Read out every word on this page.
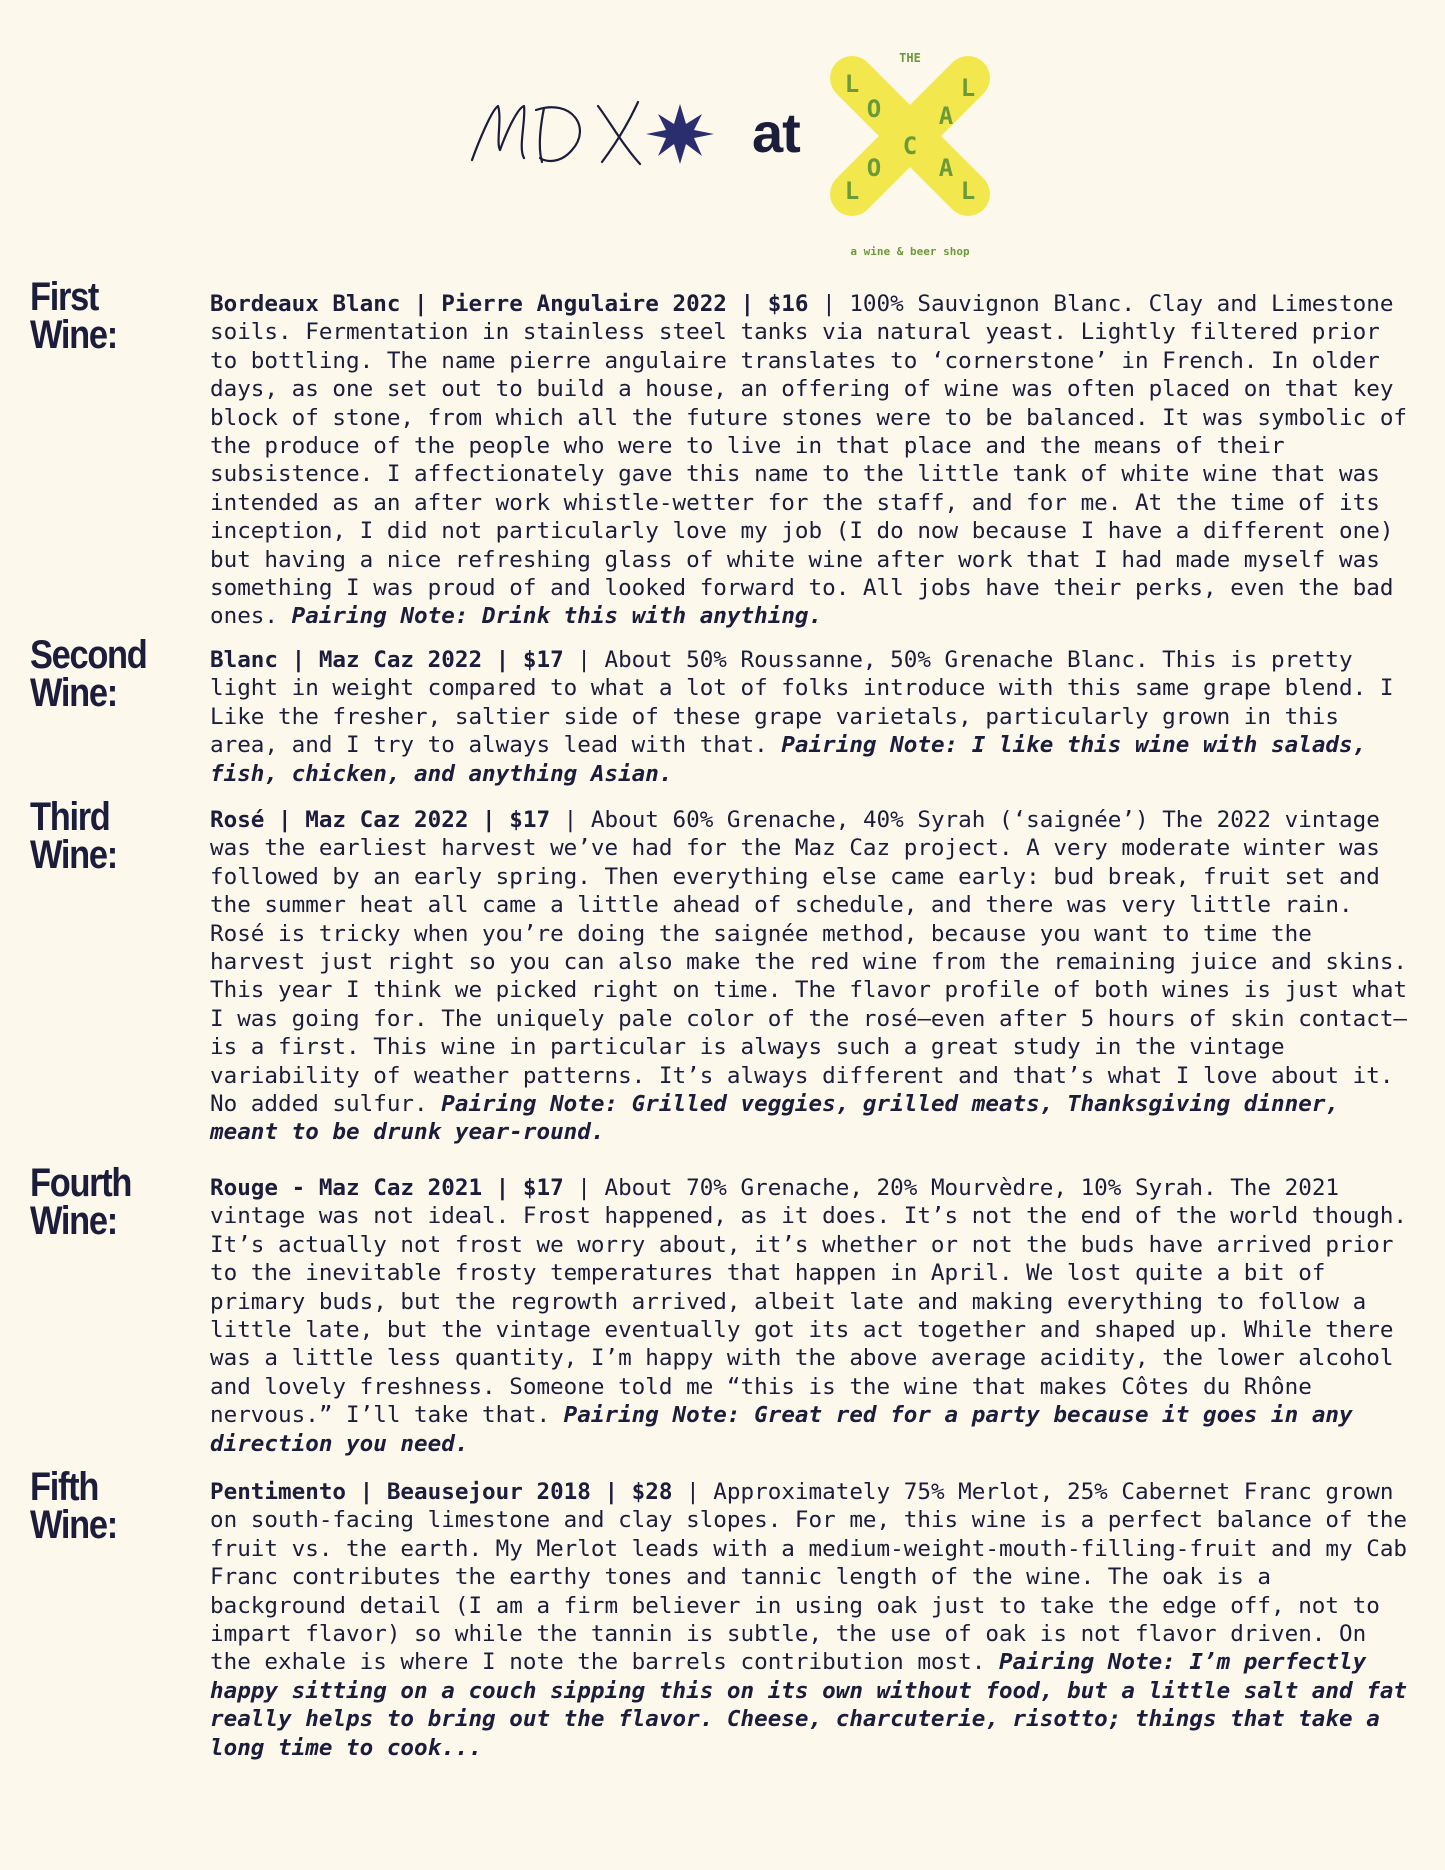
at
THE
L
O
C
A
L
L
O A
L
a wine & beer shop
First
Wine:
Bordeaux Blanc | Pierre Angulaire 2022 | $16 | 100% Sauvignon Blanc. Clay and Limestone soils. Fermentation in stainless steel tanks via natural yeast. Lightly filtered prior to bottling. The name pierre angulaire translates to ‘cornerstone’ in French. In older days, as one set out to build a house, an offering of wine was often placed on that key block of stone, from which all the future stones were to be balanced. It was symbolic of the produce of the people who were to live in that place and the means of their subsistence. I affectionately gave this name to the little tank of white wine that was intended as an after work whistle-wetter for the staff, and for me. At the time of its inception, I did not particularly love my job (I do now because I have a different one) but having a nice refreshing glass of white wine after work that I had made myself was something I was proud of and looked forward to. All jobs have their perks, even the bad ones. Pairing Note: Drink this with anything.
Second
Wine:
Blanc | Maz Caz 2022 | $17 | About 50% Roussanne, 50% Grenache Blanc. This is pretty light in weight compared to what a lot of folks introduce with this same grape blend. I Like the fresher, saltier side of these grape varietals, particularly grown in this area, and I try to always lead with that. Pairing Note: I like this wine with salads, fish, chicken, and anything Asian.
Third
Wine:
Rosé | Maz Caz 2022 | $17 | About 60% Grenache, 40% Syrah (‘saignée’) The 2022 vintage was the earliest harvest we’ve had for the Maz Caz project. A very moderate winter was followed by an early spring. Then everything else came early: bud break, fruit set and the summer heat all came a little ahead of schedule, and there was very little rain. Rosé is tricky when you’re doing the saignée method, because you want to time the harvest just right so you can also make the red wine from the remaining juice and skins. This year I think we picked right on time. The flavor profile of both wines is just what I was going for. The uniquely pale color of the rosé—even after 5 hours of skin contact—is a first. This wine in particular is always such a great study in the vintage variability of weather patterns. It’s always different and that’s what I love about it. No added sulfur. Pairing Note: Grilled veggies, grilled meats, Thanksgiving dinner, meant to be drunk year-round.
Fourth
Wine:
Rouge - Maz Caz 2021 | $17 | About 70% Grenache, 20% Mourvèdre, 10% Syrah. The 2021 vintage was not ideal. Frost happened, as it does. It’s not the end of the world though. It’s actually not frost we worry about, it’s whether or not the buds have arrived prior to the inevitable frosty temperatures that happen in April. We lost quite a bit of primary buds, but the regrowth arrived, albeit late and making everything to follow a little late, but the vintage eventually got its act together and shaped up. While there was a little less quantity, I’m happy with the above average acidity, the lower alcohol and lovely freshness. Someone told me “this is the wine that makes Côtes du Rhône nervous.” I’ll take that. Pairing Note: Great red for a party because it goes in any direction you need.
Fifth
Wine:
Pentimento | Beausejour 2018 | $28 | Approximately 75% Merlot, 25% Cabernet Franc grown on south-facing limestone and clay slopes. For me, this wine is a perfect balance of the fruit vs. the earth. My Merlot leads with a medium-weight-mouth-filling-fruit and my Cab Franc contributes the earthy tones and tannic length of the wine. The oak is a background detail (I am a firm believer in using oak just to take the edge off, not to impart flavor) so while the tannin is subtle, the use of oak is not flavor driven. On the exhale is where I note the barrels contribution most. Pairing Note: I’m perfectly happy sitting on a couch sipping this on its own without food, but a little salt and fat really helps to bring out the flavor. Cheese, charcuterie, risotto; things that take a long time to cook...
